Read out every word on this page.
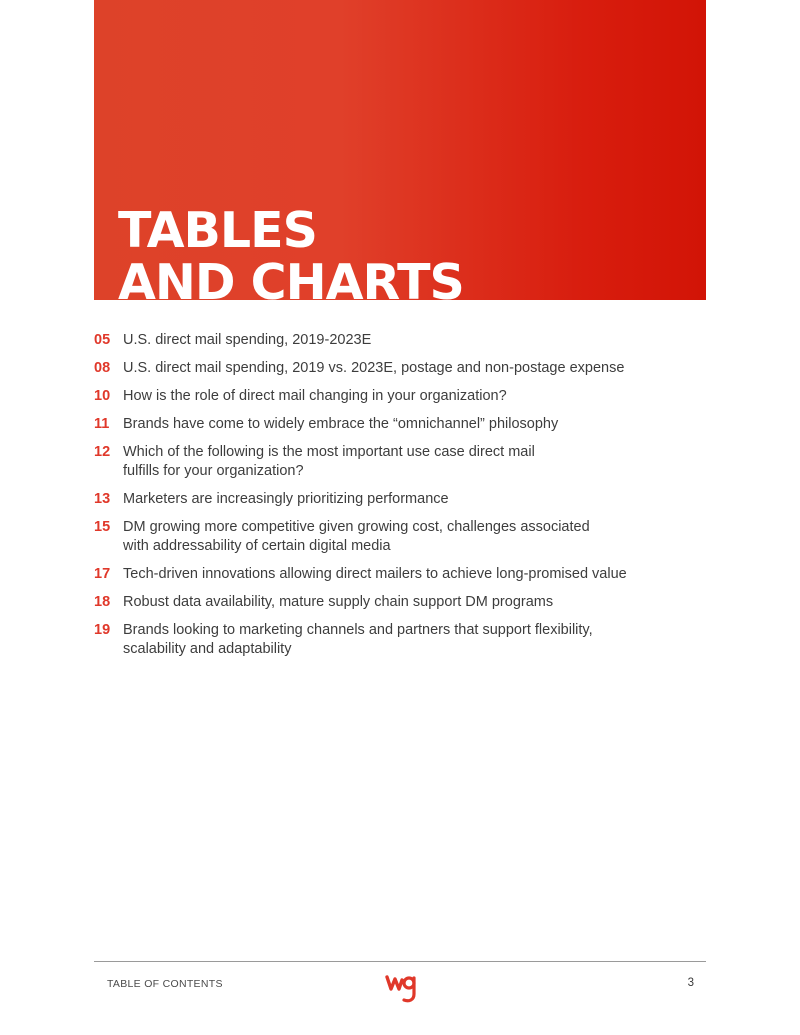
TABLES
AND CHARTS
05 U.S. direct mail spending, 2019-2023E
08 U.S. direct mail spending, 2019 vs. 2023E, postage and non-postage expense
10 How is the role of direct mail changing in your organization?
11 Brands have come to widely embrace the “omnichannel” philosophy
12 Which of the following is the most important use case direct mail
fulfills for your organization?
13 Marketers are increasingly prioritizing performance
15 DM growing more competitive given growing cost, challenges associated
with addressability of certain digital media
17 Tech-driven innovations allowing direct mailers to achieve long-promised value
18 Robust data availability, mature supply chain support DM programs
19 Brands looking to marketing channels and partners that support flexibility,
scalability and adaptability
TABLE OF CONTENTS	3
